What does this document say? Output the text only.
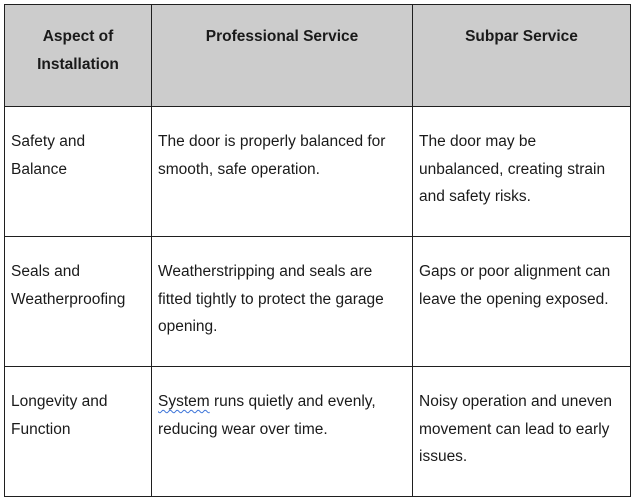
Aspect of Installation	Professional Service	Subpar Service
Safety and Balance	The door is properly balanced for smooth, safe operation.	The door may be unbalanced, creating strain and safety risks.
Seals and Weatherproofing	Weatherstripping and seals are fitted tightly to protect the garage opening.	Gaps or poor alignment can leave the opening exposed.
Longevity and Function	System runs quietly and evenly, reducing wear over time.	Noisy operation and uneven movement can lead to early issues.
